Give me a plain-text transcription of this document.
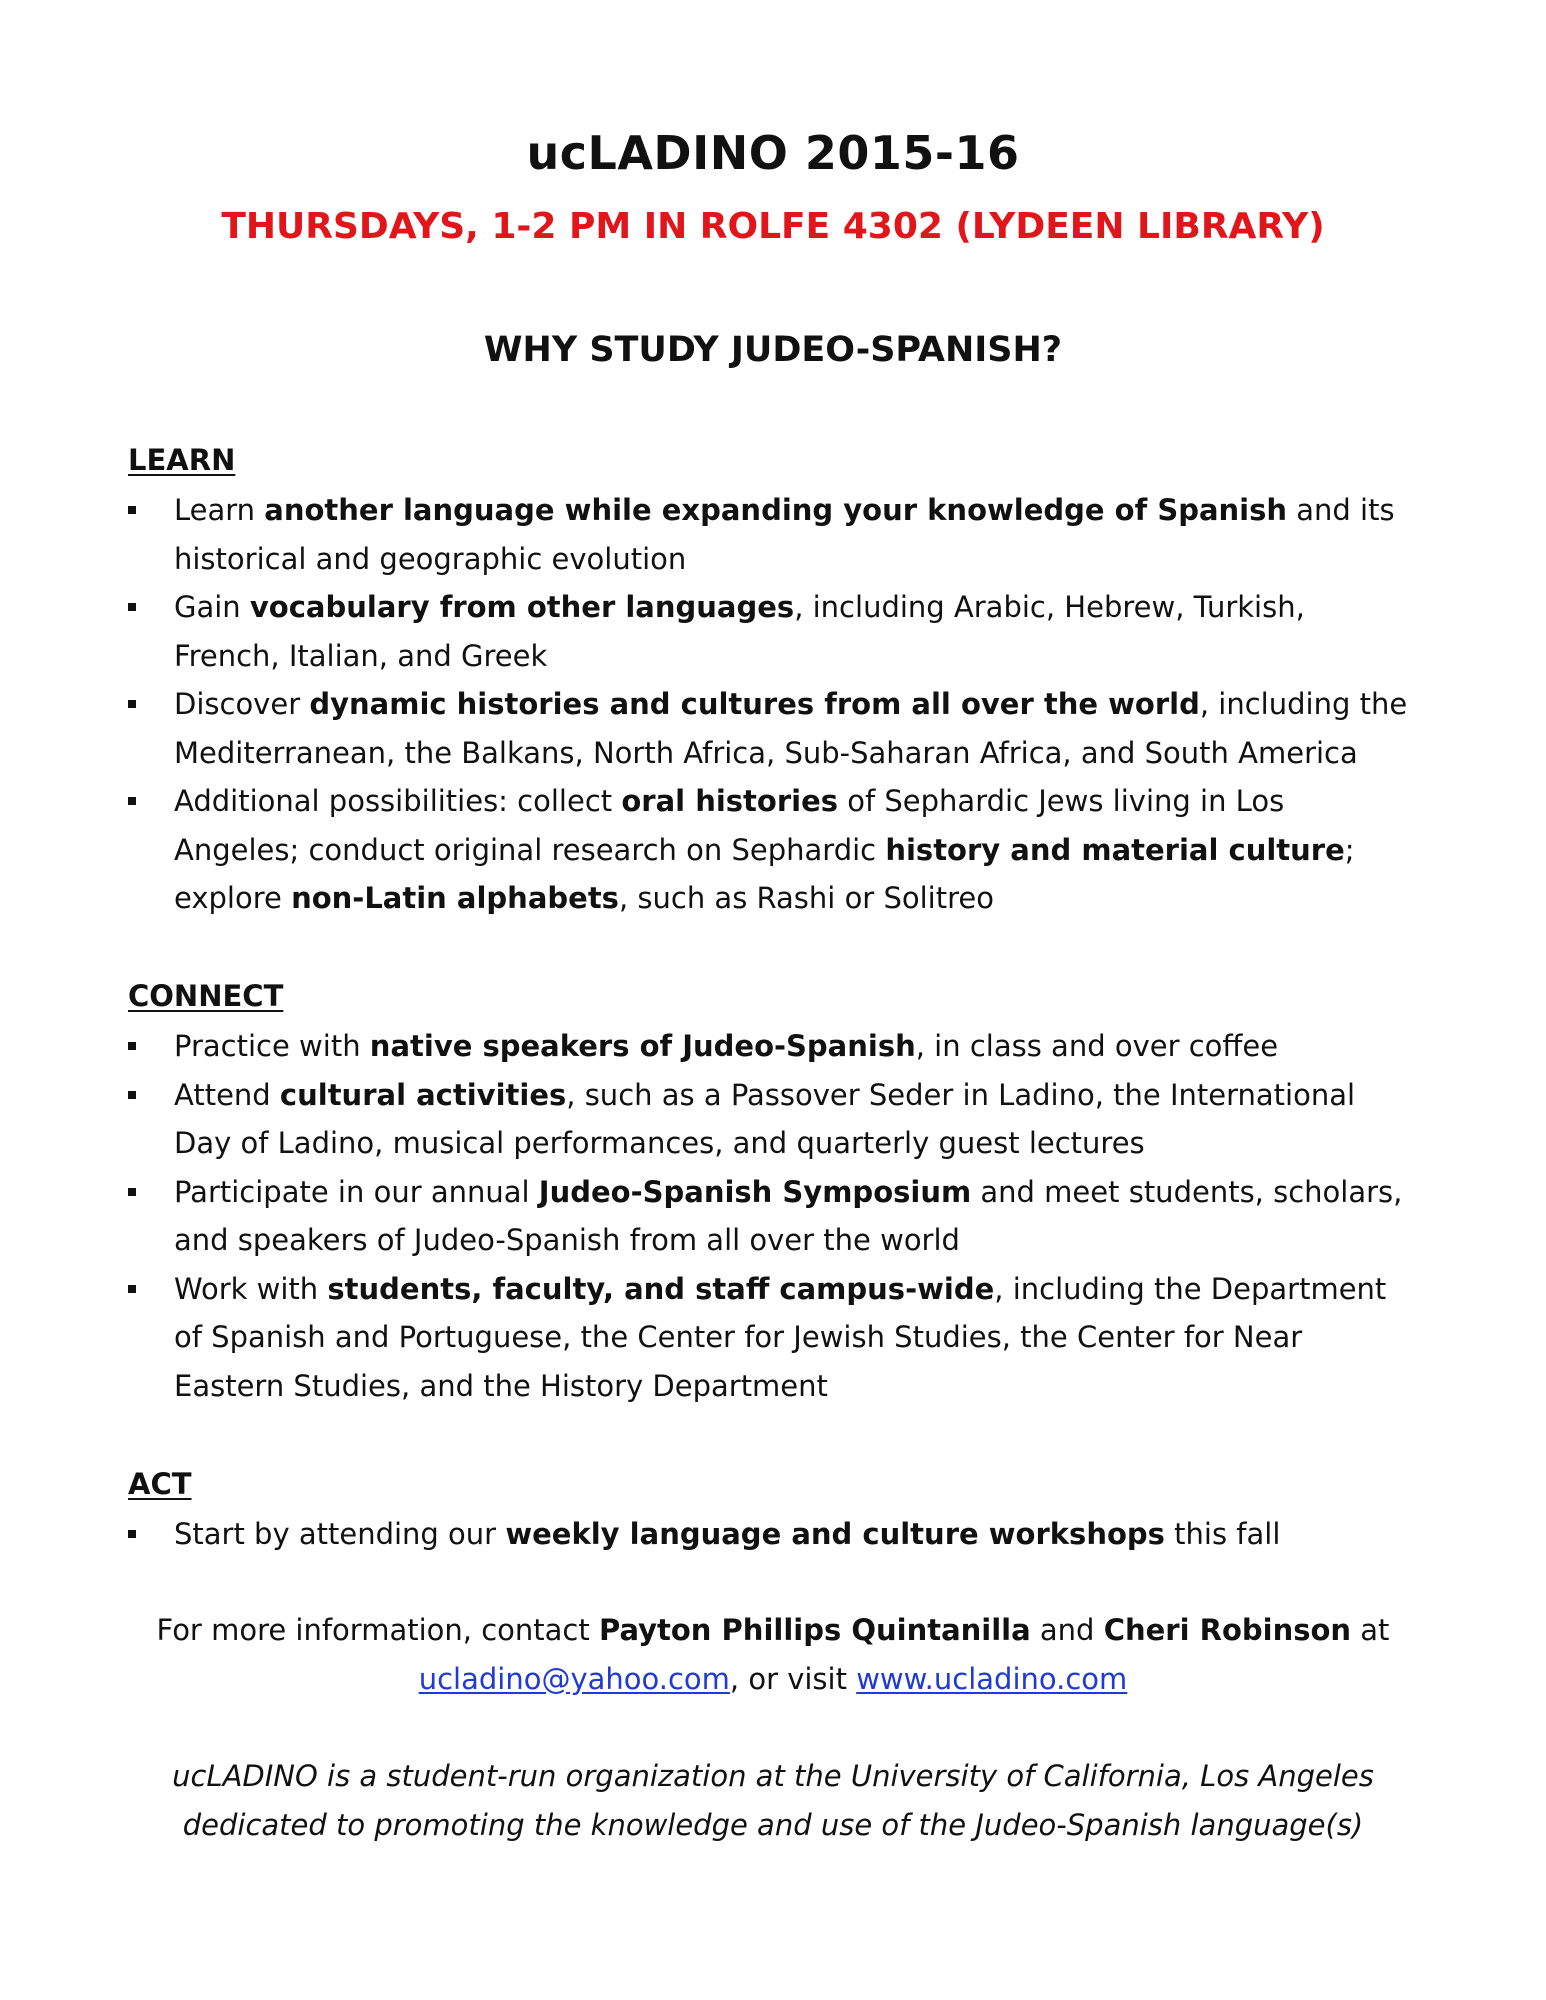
ucLADINO 2015-16

THURSDAYS, 1-2 PM IN ROLFE 4302 (LYDEEN LIBRARY)

WHY STUDY JUDEO-SPANISH?

LEARN
Learn another language while expanding your knowledge of Spanish and its historical and geographic evolution
Gain vocabulary from other languages, including Arabic, Hebrew, Turkish, French, Italian, and Greek
Discover dynamic histories and cultures from all over the world, including the Mediterranean, the Balkans, North Africa, Sub-Saharan Africa, and South America
Additional possibilities: collect oral histories of Sephardic Jews living in Los Angeles; conduct original research on Sephardic history and material culture; explore non-Latin alphabets, such as Rashi or Solitreo
CONNECT
Practice with native speakers of Judeo-Spanish, in class and over coffee
Attend cultural activities, such as a Passover Seder in Ladino, the International Day of Ladino, musical performances, and quarterly guest lectures
Participate in our annual Judeo-Spanish Symposium and meet students, scholars, and speakers of Judeo-Spanish from all over the world
Work with students, faculty, and staff campus-wide, including the Department of Spanish and Portuguese, the Center for Jewish Studies, the Center for Near Eastern Studies, and the History Department
ACT
Start by attending our weekly language and culture workshops this fall

For more information, contact Payton Phillips Quintanilla and Cheri Robinson at
ucladino@yahoo.com, or visit www.ucladino.com

ucLADINO is a student-run organization at the University of California, Los Angeles
dedicated to promoting the knowledge and use of the Judeo-Spanish language(s)
